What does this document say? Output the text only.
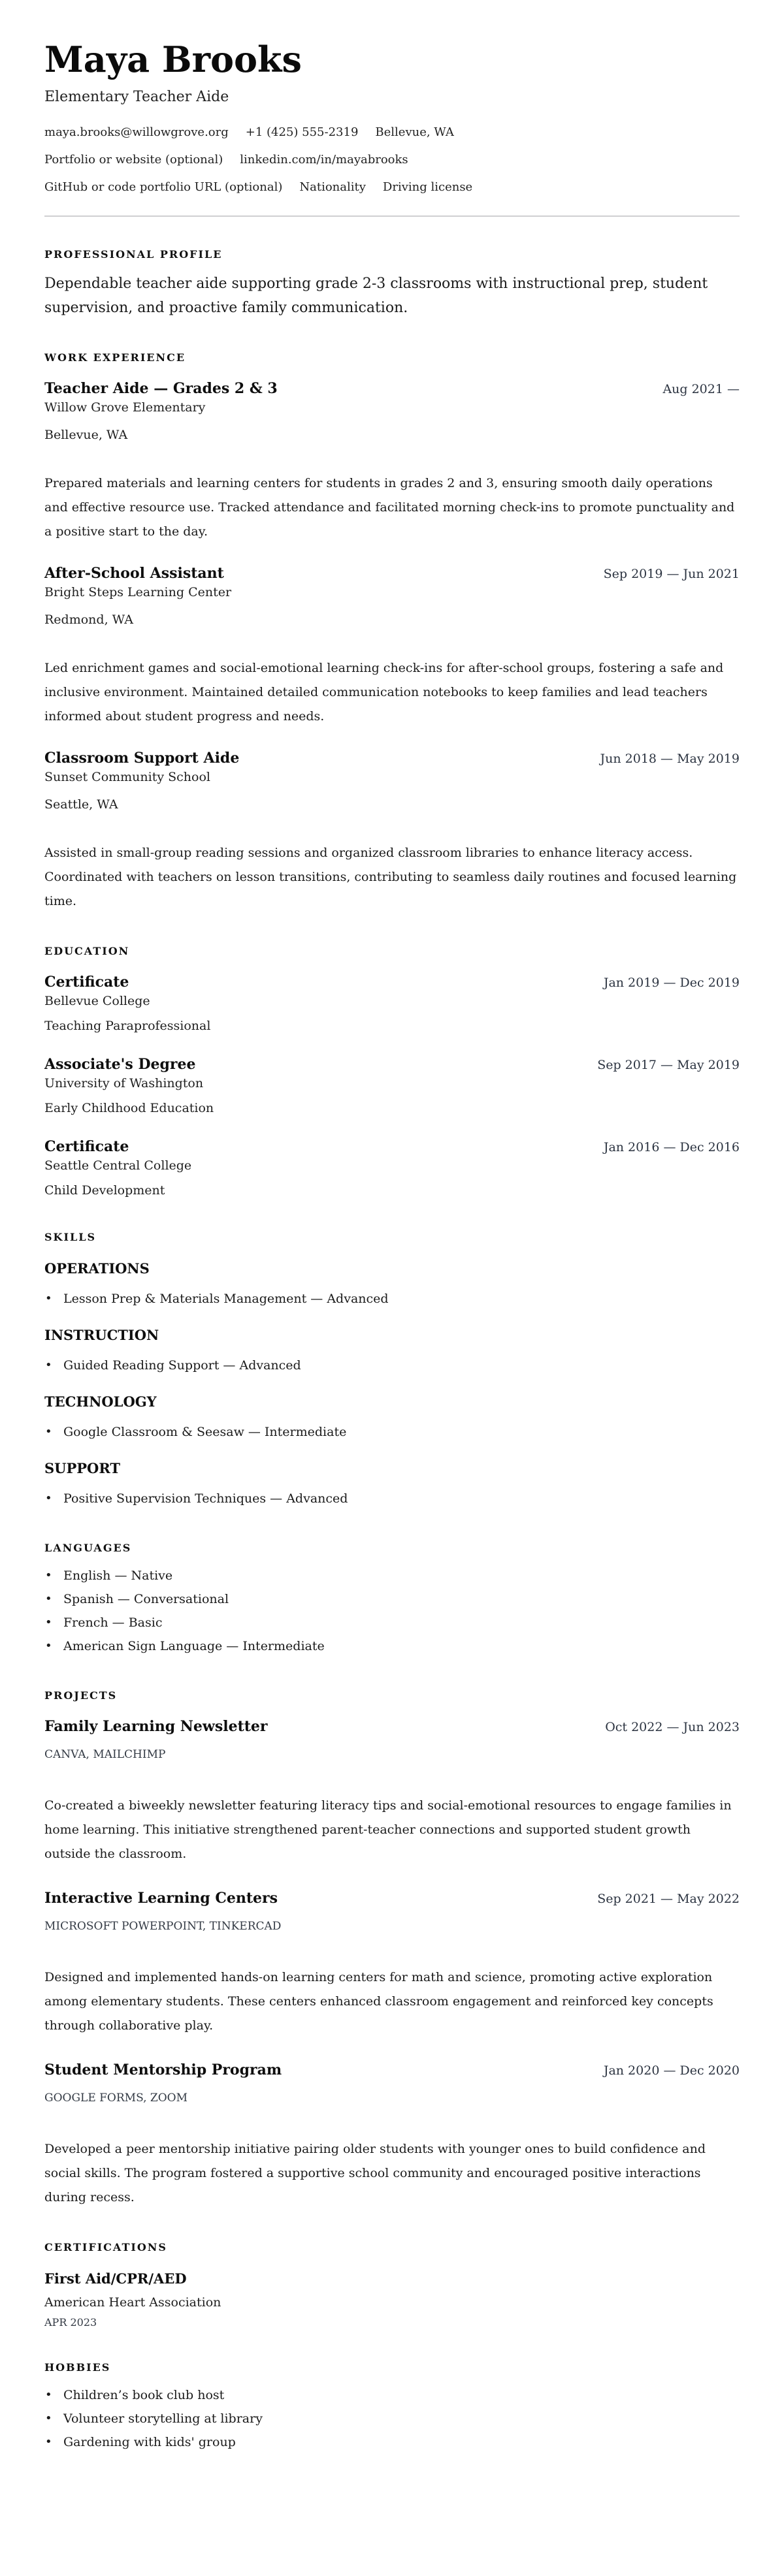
Maya Brooks
Elementary Teacher Aide
maya.brooks@willowgrove.org +1 (425) 555-2319 Bellevue, WA
Portfolio or website (optional) linkedin.com/in/mayabrooks
GitHub or code portfolio URL (optional) Nationality Driving license
PROFESSIONAL PROFILE

Dependable teacher aide supporting grade 2-3 classrooms with instructional prep, student supervision, and proactive family communication.

WORK EXPERIENCE
Teacher Aide — Grades 2 & 3	Aug 2021 —
Willow Grove Elementary
Bellevue, WA
Prepared materials and learning centers for students in grades 2 and 3, ensuring smooth daily operations and effective resource use. Tracked attendance and facilitated morning check-ins to promote punctuality and a positive start to the day.
After-School Assistant	Sep 2019 — Jun 2021
Bright Steps Learning Center
Redmond, WA
Led enrichment games and social-emotional learning check-ins for after-school groups, fostering a safe and inclusive environment. Maintained detailed communication notebooks to keep families and lead teachers informed about student progress and needs.
Classroom Support Aide	Jun 2018 — May 2019
Sunset Community School
Seattle, WA
Assisted in small-group reading sessions and organized classroom libraries to enhance literacy access. Coordinated with teachers on lesson transitions, contributing to seamless daily routines and focused learning time.
EDUCATION
Certificate	Jan 2019 — Dec 2019
Bellevue College
Teaching Paraprofessional
Associate's Degree	Sep 2017 — May 2019
University of Washington
Early Childhood Education
Certificate	Jan 2016 — Dec 2016
Seattle Central College
Child Development
SKILLS
OPERATIONS
• Lesson Prep & Materials Management — Advanced
INSTRUCTION
• Guided Reading Support — Advanced
TECHNOLOGY
• Google Classroom & Seesaw — Intermediate
SUPPORT
• Positive Supervision Techniques — Advanced
LANGUAGES
• English — Native
• Spanish — Conversational
• French — Basic
• American Sign Language — Intermediate
PROJECTS
Family Learning Newsletter	Oct 2022 — Jun 2023
CANVA, MAILCHIMP
Co-created a biweekly newsletter featuring literacy tips and social-emotional resources to engage families in home learning. This initiative strengthened parent-teacher connections and supported student growth outside the classroom.
Interactive Learning Centers	Sep 2021 — May 2022
MICROSOFT POWERPOINT, TINKERCAD
Designed and implemented hands-on learning centers for math and science, promoting active exploration among elementary students. These centers enhanced classroom engagement and reinforced key concepts through collaborative play.
Student Mentorship Program	Jan 2020 — Dec 2020
GOOGLE FORMS, ZOOM
Developed a peer mentorship initiative pairing older students with younger ones to build confidence and social skills. The program fostered a supportive school community and encouraged positive interactions during recess.
CERTIFICATIONS
First Aid/CPR/AED
American Heart Association
APR 2023
HOBBIES
• Children’s book club host
• Volunteer storytelling at library
• Gardening with kids' group
